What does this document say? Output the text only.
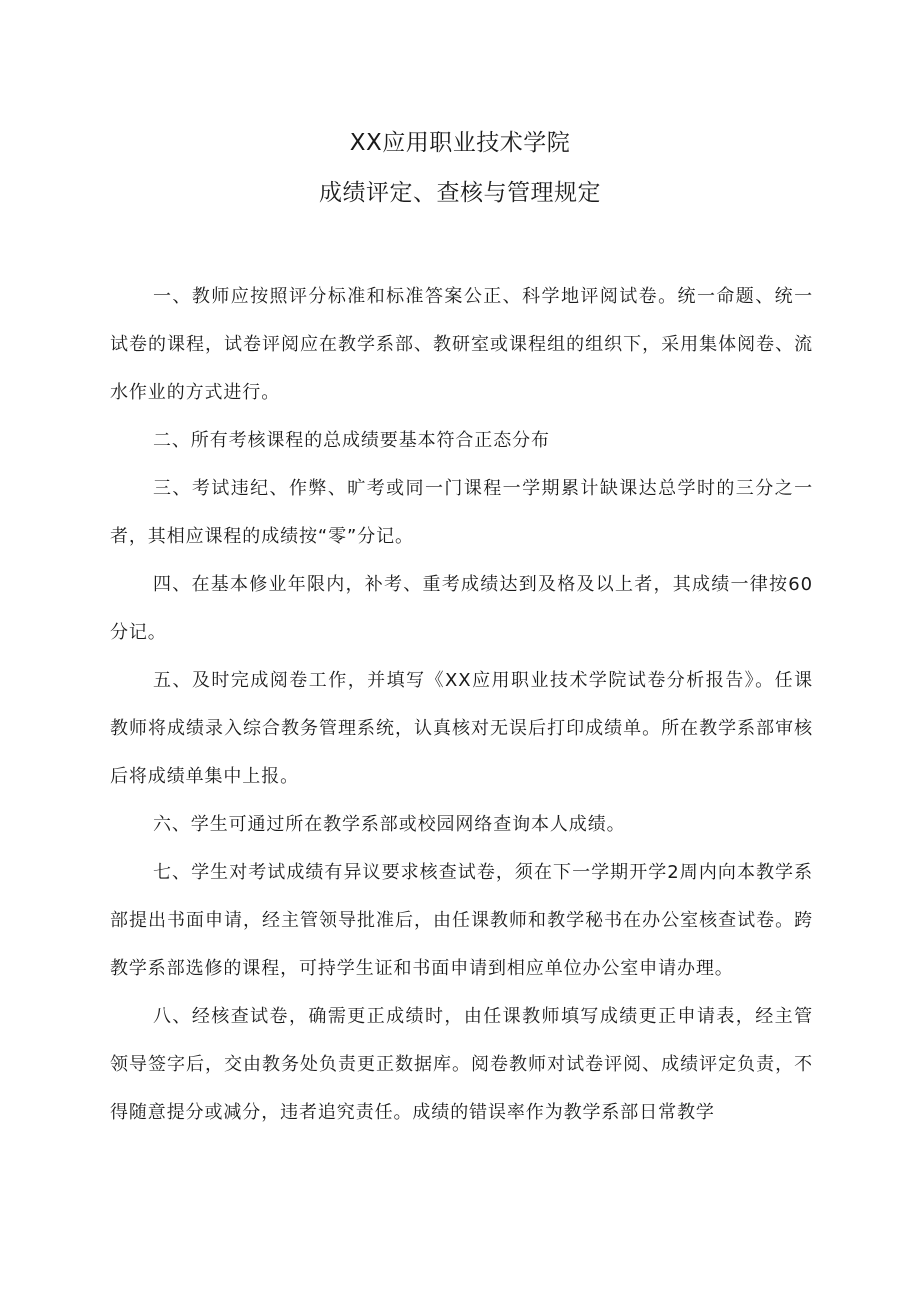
XX应用职业技术学院
成绩评定、查核与管理规定

一、教师应按照评分标准和标准答案公正、科学地评阅试卷。统一命题、统一试卷的课程，试卷评阅应在教学系部、教研室或课程组的组织下，采用集体阅卷、流水作业的方式进行。

二、所有考核课程的总成绩要基本符合正态分布

三、考试违纪、作弊、旷考或同一门课程一学期累计缺课达总学时的三分之一者，其相应课程的成绩按“零”分记。

四、在基本修业年限内，补考、重考成绩达到及格及以上者，其成绩一律按60分记。

五、及时完成阅卷工作，并填写《XX应用职业技术学院试卷分析报告》。任课教师将成绩录入综合教务管理系统，认真核对无误后打印成绩单。所在教学系部审核后将成绩单集中上报。

六、学生可通过所在教学系部或校园网络查询本人成绩。

七、学生对考试成绩有异议要求核查试卷，须在下一学期开学2周内向本教学系部提出书面申请，经主管领导批准后，由任课教师和教学秘书在办公室核查试卷。跨教学系部选修的课程，可持学生证和书面申请到相应单位办公室申请办理。

八、经核查试卷，确需更正成绩时，由任课教师填写成绩更正申请表，经主管领导签字后，交由教务处负责更正数据库。阅卷教师对试卷评阅、成绩评定负责，不得随意提分或减分，违者追究责任。成绩的错误率作为教学系部日常教学
